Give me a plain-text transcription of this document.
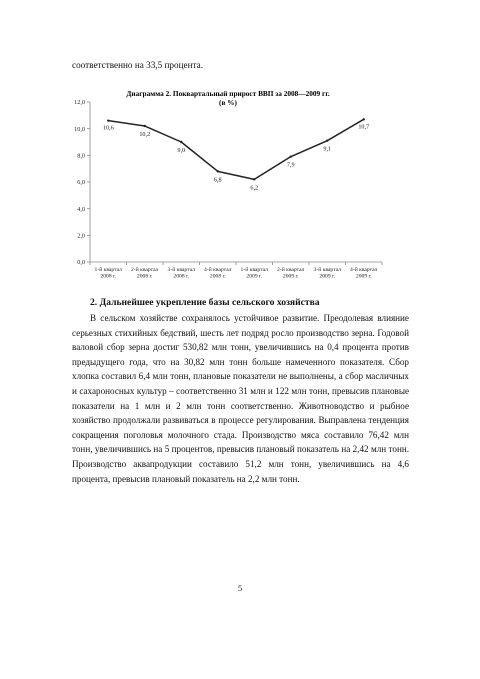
соответственно на 33,5 процента.
Диаграмма 2. Поквартальный прирост ВВП за 2008—2009 гг.
(в %)
0,0
2,0
4,0
6,0
8,0
10,0
12,0
1-й квартал 2008 г.
2-й квартал 2008 г.
3-й квартал 2008 г.
4-й квартал 2008 г.
1-й квартал 2009 г.
2-й квартал 2009 г.
3-й квартал 2009 г.
4-й квартал 2009 г.
10,6
10,2
9,0
6,8
6,2
7,9
9,1
10,7
2. Дальнейшее укрепление базы сельского хозяйства

В сельском хозяйстве сохранялось устойчивое развитие. Преодолевая влияние серьезных стихийных бедствий, шесть лет подряд росло производство зерна. Годовой валовой сбор зерна достиг 530,82 млн тонн, увеличившись на 0,4 процента против предыдущего года, что на 30,82 млн тонн больше намеченного показателя. Сбор хлопка составил 6,4 млн тонн, плановые показатели не выполнены, а сбор масличных и сахароносных культур – соответственно 31 млн и 122 млн тонн, превысив плановые показатели на 1 млн и 2 млн тонн соответственно. Животноводство и рыбное хозяйство продолжали развиваться в процессе регулирования. Выправлена тенденция сокращения поголовья молочного стада. Производство мяса составило 76,42 млн тонн, увеличившись на 5 процентов, превысив плановый показатель на 2,42 млн тонн. Производство аквапродукции составило 51,2 млн тонн, увеличившись на 4,6 процента, превысив плановый показатель на 2,2 млн тонн.

5
